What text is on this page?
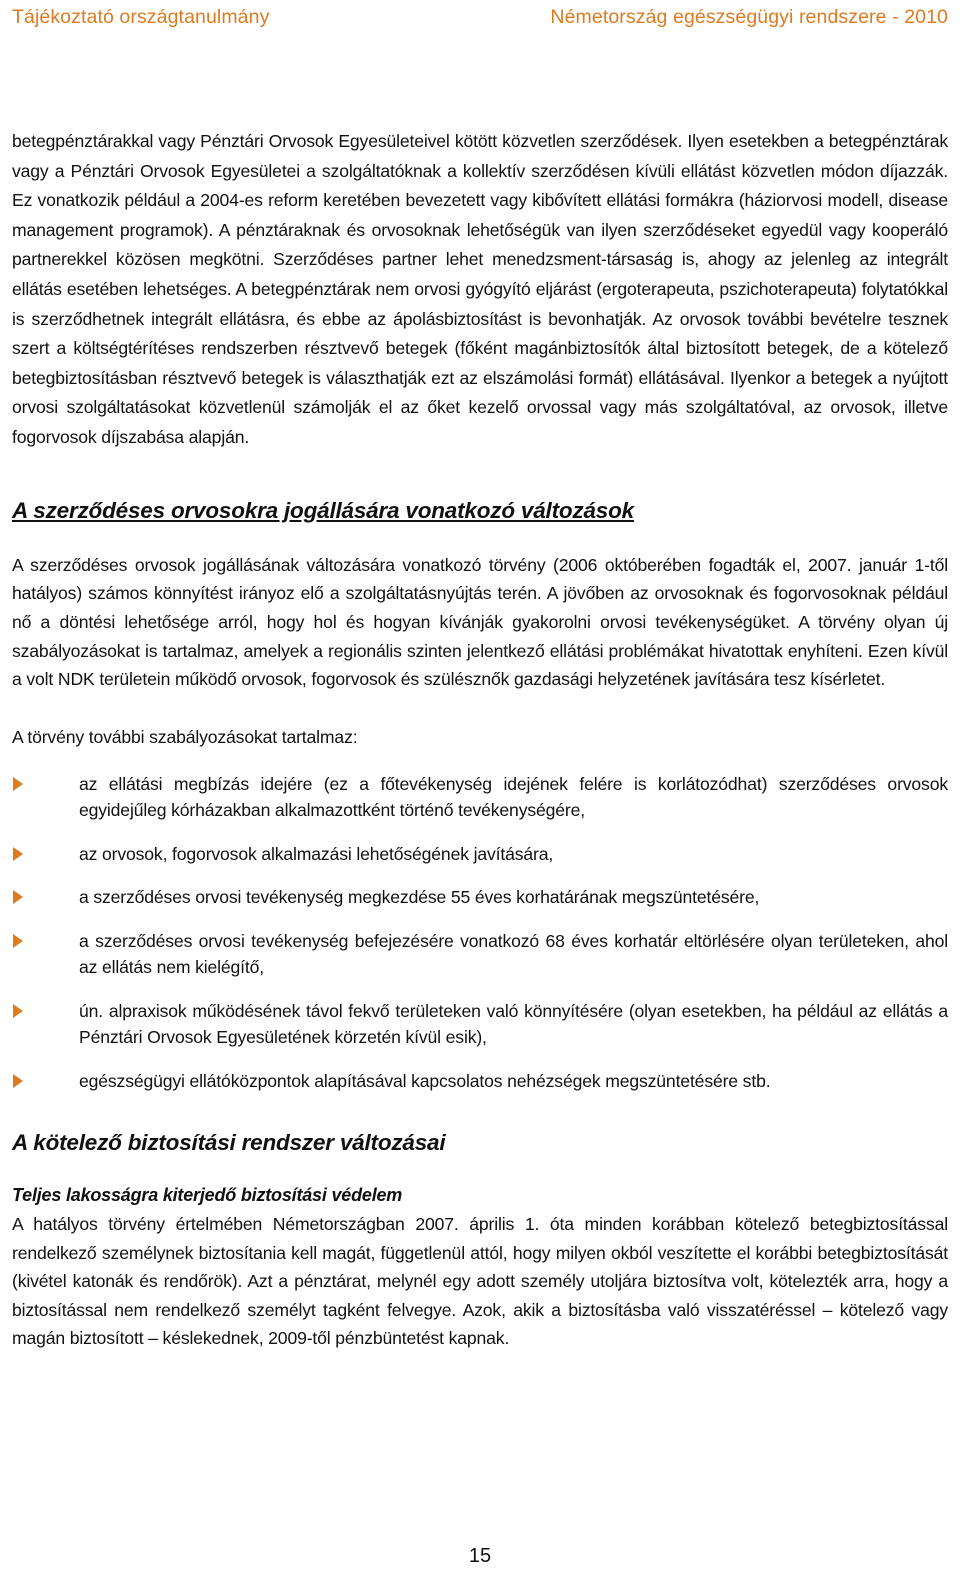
Tájékoztató országtanulmány	Németország egészségügyi rendszere - 2010

betegpénztárakkal vagy Pénztári Orvosok Egyesületeivel kötött közvetlen szerződések. Ilyen esetekben a betegpénztárak vagy a Pénztári Orvosok Egyesületei a szolgáltatóknak a kollektív szerződésen kívüli ellátást közvetlen módon díjazzák. Ez vonatkozik például a 2004-es reform keretében bevezetett vagy kibővített ellátási formákra (háziorvosi modell, disease management programok). A pénztáraknak és orvosoknak lehetőségük van ilyen szerződéseket egyedül vagy kooperáló partnerekkel közösen megkötni. Szerződéses partner lehet menedzsment-társaság is, ahogy az jelenleg az integrált ellátás esetében lehetséges. A betegpénztárak nem orvosi gyógyító eljárást (ergoterapeuta, pszichoterapeuta) folytatókkal is szerződhetnek integrált ellátásra, és ebbe az ápolásbiztosítást is bevonhatják. Az orvosok további bevételre tesznek szert a költségtérítéses rendszerben résztvevő betegek (főként magánbiztosítók által biztosított betegek, de a kötelező betegbiztosításban résztvevő betegek is választhatják ezt az elszámolási formát) ellátásával. Ilyenkor a betegek a nyújtott orvosi szolgáltatásokat közvetlenül számolják el az őket kezelő orvossal vagy más szolgáltatóval, az orvosok, illetve fogorvosok díjszabása alapján.

A szerződéses orvosokra jogállására vonatkozó változások

A szerződéses orvosok jogállásának változására vonatkozó törvény (2006 októberében fogadták el, 2007. január 1-től hatályos) számos könnyítést irányoz elő a szolgáltatásnyújtás terén. A jövőben az orvosoknak és fogorvosoknak például nő a döntési lehetősége arról, hogy hol és hogyan kívánják gyakorolni orvosi tevékenységüket. A törvény olyan új szabályozásokat is tartalmaz, amelyek a regionális szinten jelentkező ellátási problémákat hivatottak enyhíteni. Ezen kívül a volt NDK területein működő orvosok, fogorvosok és szülésznők gazdasági helyzetének javítására tesz kísérletet.

A törvény további szabályozásokat tartalmaz:

az ellátási megbízás idejére (ez a főtevékenység idejének felére is korlátozódhat) szerződéses orvosok egyidejűleg kórházakban alkalmazottként történő tevékenységére,
az orvosok, fogorvosok alkalmazási lehetőségének javítására,
a szerződéses orvosi tevékenység megkezdése 55 éves korhatárának megszüntetésére,
a szerződéses orvosi tevékenység befejezésére vonatkozó 68 éves korhatár eltörlésére olyan területeken, ahol az ellátás nem kielégítő,
ún. alpraxisok működésének távol fekvő területeken való könnyítésére (olyan esetekben, ha például az ellátás a Pénztári Orvosok Egyesületének körzetén kívül esik),
egészségügyi ellátóközpontok alapításával kapcsolatos nehézségek megszüntetésére stb.
A kötelező biztosítási rendszer változásai
Teljes lakosságra kiterjedő biztosítási védelem

A hatályos törvény értelmében Németországban 2007. április 1. óta minden korábban kötelező betegbiztosítással rendelkező személynek biztosítania kell magát, függetlenül attól, hogy milyen okból veszítette el korábbi betegbiztosítását (kivétel katonák és rendőrök). Azt a pénztárat, melynél egy adott személy utoljára biztosítva volt, kötelezték arra, hogy a biztosítással nem rendelkező személyt tagként felvegye. Azok, akik a biztosításba való visszatéréssel – kötelező vagy magán biztosított – késlekednek, 2009-től pénzbüntetést kapnak.

15
